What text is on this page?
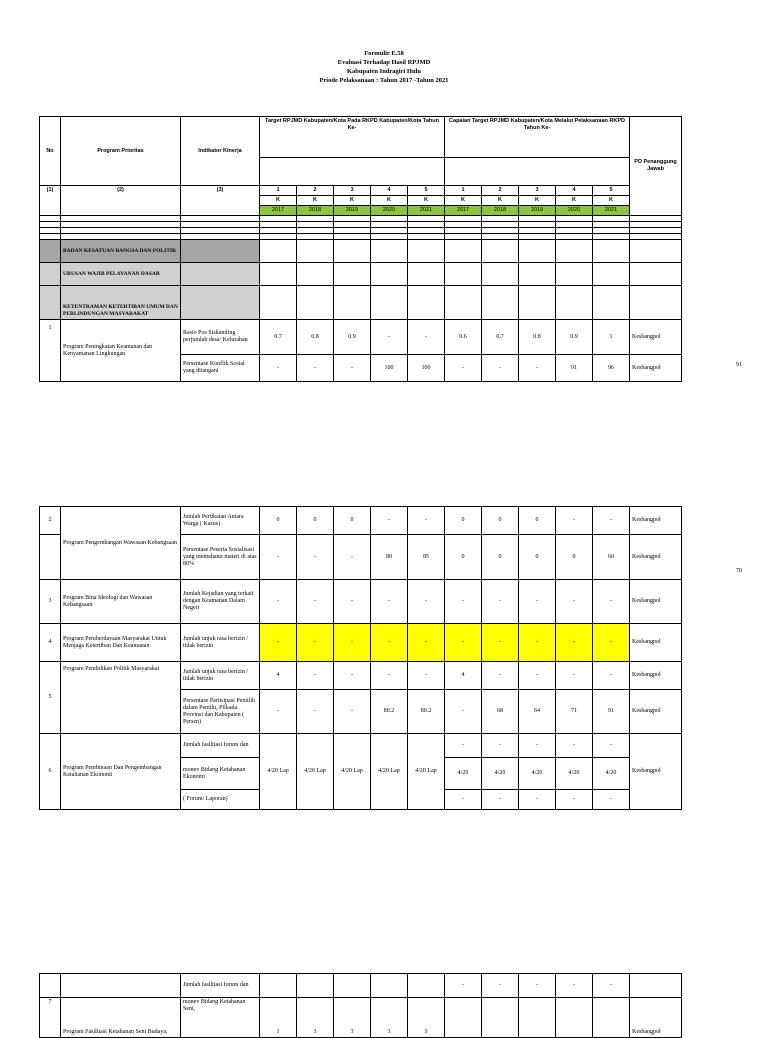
Formulir E.58
Evaluasi Terhadap Hasil RPJMD
Kabupaten Indragiri Hulu
Priode Pelaksanaan : Tahun 2017 -Tahun 2021
No	Program Prioritas	Indikator Kinerja	Target RPJMD Kabupaten/Kota Pada RKPD Kabupaten/Kota Tahun Ke-					Capaian Target RPJMD Kabupaten/Kota Melalui Pelaksanaan RKPD Tahun Ke-					PD Penanggung Jawab	

(1)	(2)	(3)	1	2	3	4	5	1	2	3	4	5		
			K	K	K	K	K	K	K	K	K	K		
			2017	2018	2019	2020	2021	2017	2018	2019	2020	2021		

	BADAN KESATUAN BANGSA DAN POLITIK													
	URUSAN WAJIB PELAYANAN DASAR													
	KETENTRAMAN KETERTIBAN UMUM DAN PERLINDUNGAN MASYARAKAT													
1	Program Peningkatan Keamanan dan Kenyamanan Lingkungan	Rasio Pos Siskamling perjumlah desa/ Kelurahan	0.7	0.8	0.9	-	-	0.6	0.7	0.8	0.9	1	Kesbangpol	
		Persentase Konflik Sosial yang ditangani	-	-	-	100	100	-	-	-	91	96	Kesbangpol		91
2	Program Pengembangan Wawasan Kebangsaan	Jumlah Pertikaian Antara Warga ( Kasus)	0	0	0	-	-	0	0	0	-	-	Kesbangpol
		Persentase Peserta Sosialisasi yang memahami materi di atas 80%	-	-	-	80	85	0	0	0	0	60	Kesbangpol
3	Program Bina Ideologi dan Wawasan Kebangsaan	Jumlah Kejadian yang terkait dengan Keamanan Dalam Negeri	-	-	-	-	-	-	-	-	-	-	Kesbangpol
4	Program Pemberdayaan Masyarakat Untuk Menjaga Ketertiban Dan Keamanan	Jumlah unjuk rasa berizin / tidak berizin	-	-	-	-	-	-	-	-	-	-	Kesbangpol
5	Program Pendidikan Politik Masyarakat	Jumlah unjuk rasa berizin / tidak berizin	4	-	-	-	-	4	-	-	-	-	Kesbangpol
		Persentase Partisipasi Pemilih dalam Pemilu, Pilkada Provinsi dan Kabupaten ( Persen)	-	-	-	80.2	80.2	-	68	64	71	91	Kesbangpol
6	Program Pembinaan Dan Pengembangan Ketahanan Ekonomi	Jumlah fasilitasi forum dan	4/20 Lap	4/20 Lap	4/20 Lap	4/20 Lap	4/20 Lap	-	-	-	-	-	Kesbangpol
		monev Bidang Ketahanan Ekonomi						4/20	4/20	4/20	4/20	4/20	
		( Forum/ Laporan)						-	-	-	-	-	
70
		Jumlah fasilitasi forum dan						-	-	-	-	-	
7	Program Fasilitasi Ketahanan Seni Budaya,	monev Bidang Ketahanan Seni,	1	3	3	3	3						Kesbangpol
